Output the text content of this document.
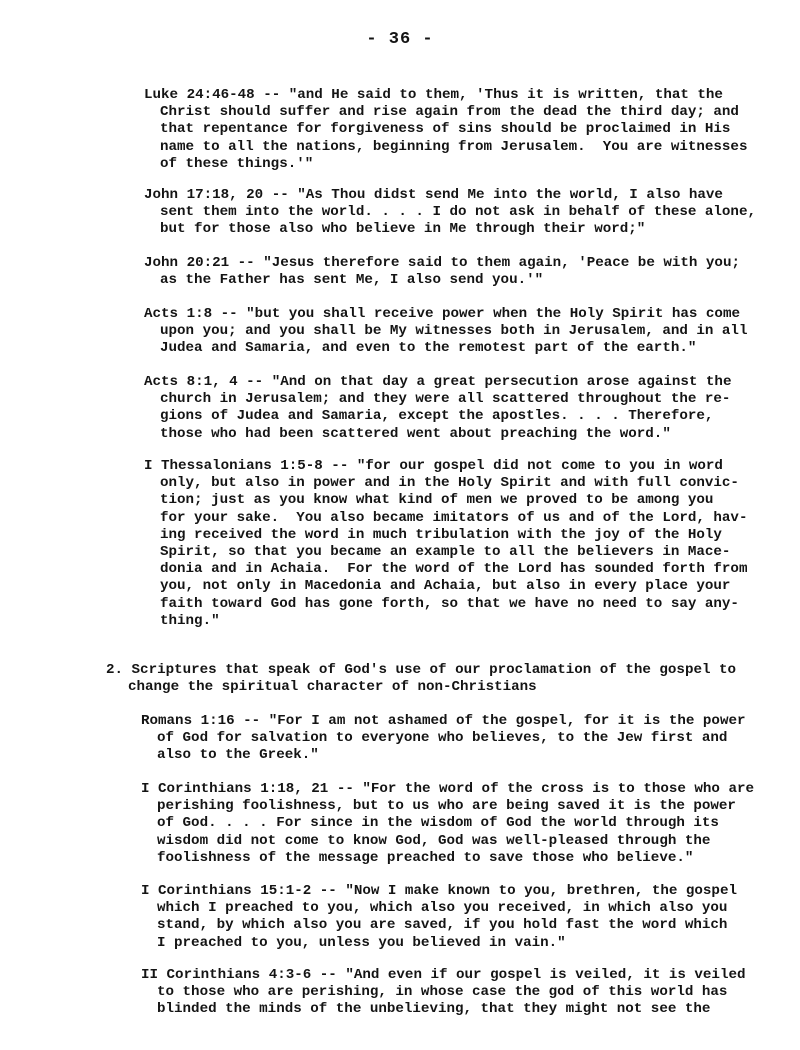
- 36 -
Luke 24:46-48 -- "and He said to them, 'Thus it is written, that the
Christ should suffer and rise again from the dead the third day; and
that repentance for forgiveness of sins should be proclaimed in His
name to all the nations, beginning from Jerusalem.  You are witnesses
of these things.'"
John 17:18, 20 -- "As Thou didst send Me into the world, I also have
sent them into the world. . . . I do not ask in behalf of these alone,
but for those also who believe in Me through their word;"
John 20:21 -- "Jesus therefore said to them again, 'Peace be with you;
as the Father has sent Me, I also send you.'"
Acts 1:8 -- "but you shall receive power when the Holy Spirit has come
upon you; and you shall be My witnesses both in Jerusalem, and in all
Judea and Samaria, and even to the remotest part of the earth."
Acts 8:1, 4 -- "And on that day a great persecution arose against the
church in Jerusalem; and they were all scattered throughout the re-
gions of Judea and Samaria, except the apostles. . . . Therefore,
those who had been scattered went about preaching the word."
I Thessalonians 1:5-8 -- "for our gospel did not come to you in word
only, but also in power and in the Holy Spirit and with full convic-
tion; just as you know what kind of men we proved to be among you
for your sake.  You also became imitators of us and of the Lord, hav-
ing received the word in much tribulation with the joy of the Holy
Spirit, so that you became an example to all the believers in Mace-
donia and in Achaia.  For the word of the Lord has sounded forth from
you, not only in Macedonia and Achaia, but also in every place your
faith toward God has gone forth, so that we have no need to say any-
thing."
2. Scriptures that speak of God's use of our proclamation of the gospel to
change the spiritual character of non-Christians
Romans 1:16 -- "For I am not ashamed of the gospel, for it is the power
of God for salvation to everyone who believes, to the Jew first and
also to the Greek."
I Corinthians 1:18, 21 -- "For the word of the cross is to those who are
perishing foolishness, but to us who are being saved it is the power
of God. . . . For since in the wisdom of God the world through its
wisdom did not come to know God, God was well-pleased through the
foolishness of the message preached to save those who believe."
I Corinthians 15:1-2 -- "Now I make known to you, brethren, the gospel
which I preached to you, which also you received, in which also you
stand, by which also you are saved, if you hold fast the word which
I preached to you, unless you believed in vain."
II Corinthians 4:3-6 -- "And even if our gospel is veiled, it is veiled
to those who are perishing, in whose case the god of this world has
blinded the minds of the unbelieving, that they might not see the
